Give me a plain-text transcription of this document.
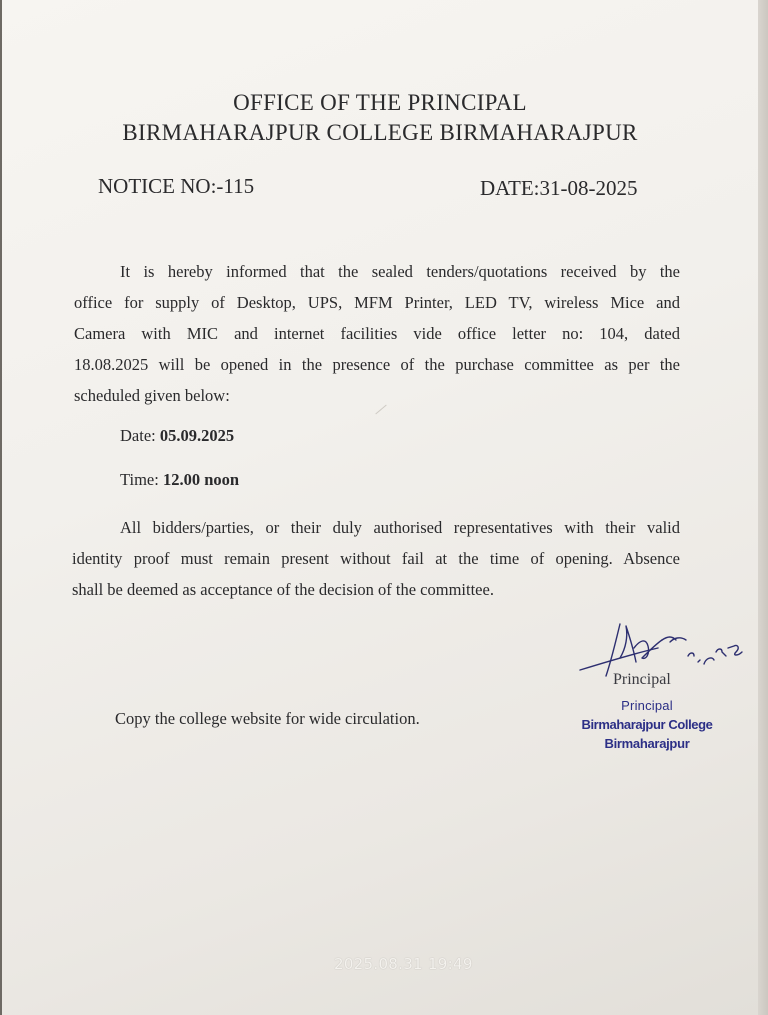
OFFICE OF THE PRINCIPAL
BIRMAHARAJPUR COLLEGE BIRMAHARAJPUR
NOTICE NO:-115	DATE:31-08-2025
It is hereby informed that the sealed tenders/quotations received by the
office for supply of Desktop, UPS, MFM Printer, LED TV, wireless Mice and
Camera with MIC and internet facilities vide office letter no: 104, dated
18.08.2025 will be opened in the presence of the purchase committee as per the
scheduled given below:
Date: 05.09.2025
Time: 12.00 noon
All bidders/parties, or their duly authorised representatives with their valid
identity proof must remain present without fail at the time of opening. Absence
shall be deemed as acceptance of the decision of the committee.
Copy the college website for wide circulation.
Principal
Principal
Birmaharajpur College
Birmaharajpur
2025.08.31 19:49
